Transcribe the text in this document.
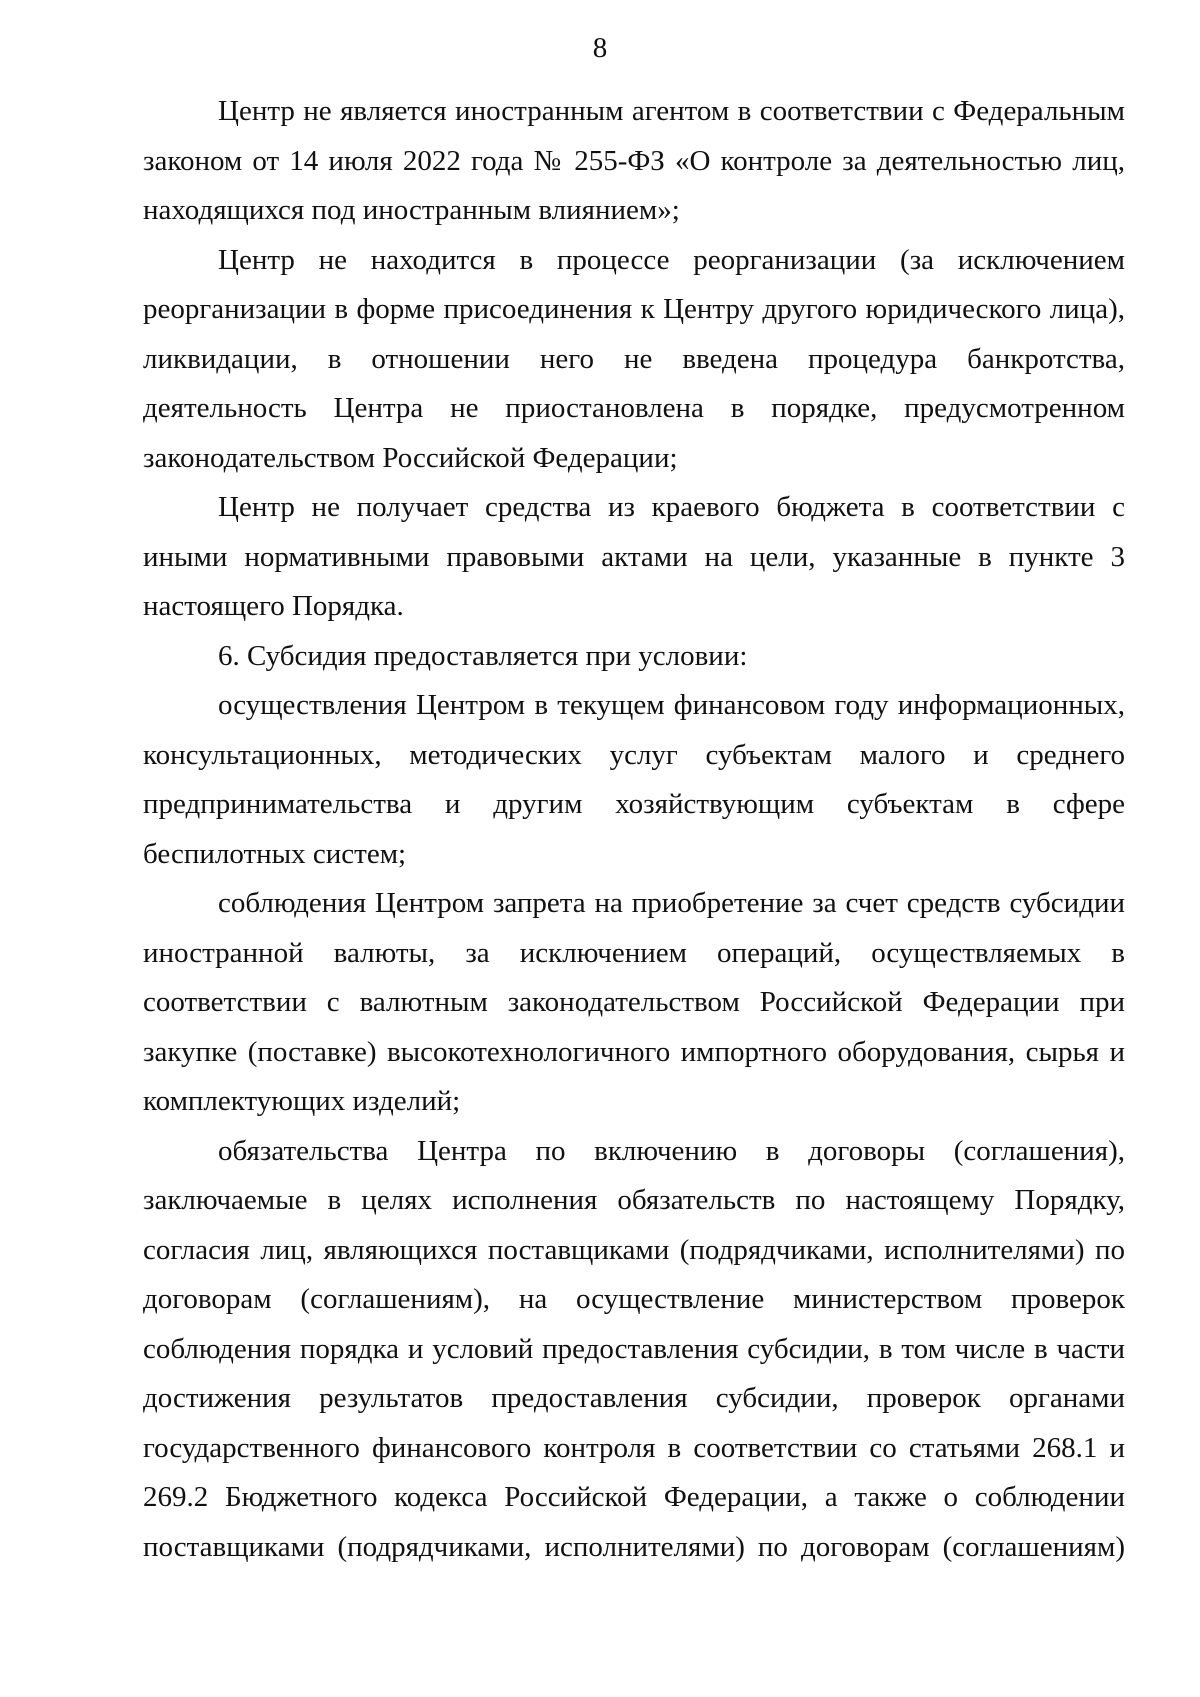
8

Центр не является иностранным агентом в соответствии с Федеральным законом от 14 июля 2022 года № 255-ФЗ «О контроле за деятельностью лиц, находящихся под иностранным влиянием»;

Центр не находится в процессе реорганизации (за исключением реорганизации в форме присоединения к Центру другого юридического лица), ликвидации, в отношении него не введена процедура банкротства, деятельность Центра не приостановлена в порядке, предусмотренном законодательством Российской Федерации;

Центр не получает средства из краевого бюджета в соответствии с иными нормативными правовыми актами на цели, указанные в пункте 3 настоящего Порядка.

6. Субсидия предоставляется при условии:

осуществления Центром в текущем финансовом году информационных, консультационных, методических услуг субъектам малого и среднего предпринимательства и другим хозяйствующим субъектам в сфере беспилотных систем;

соблюдения Центром запрета на приобретение за счет средств субсидии иностранной валюты, за исключением операций, осуществляемых в соответствии с валютным законодательством Российской Федерации при закупке (поставке) высокотехнологичного импортного оборудования, сырья и комплектующих изделий;

обязательства Центра по включению в договоры (соглашения), заключаемые в целях исполнения обязательств по настоящему Порядку, согласия лиц, являющихся поставщиками (подрядчиками, исполнителями) по договорам (соглашениям), на осуществление министерством проверок соблюдения порядка и условий предоставления субсидии, в том числе в части достижения результатов предоставления субсидии, проверок органами государственного финансового контроля в соответствии со статьями 268.1 и 269.2 Бюджетного кодекса Российской Федерации, а также о соблюдении поставщиками (подрядчиками, исполнителями) по договорам (соглашениям)
